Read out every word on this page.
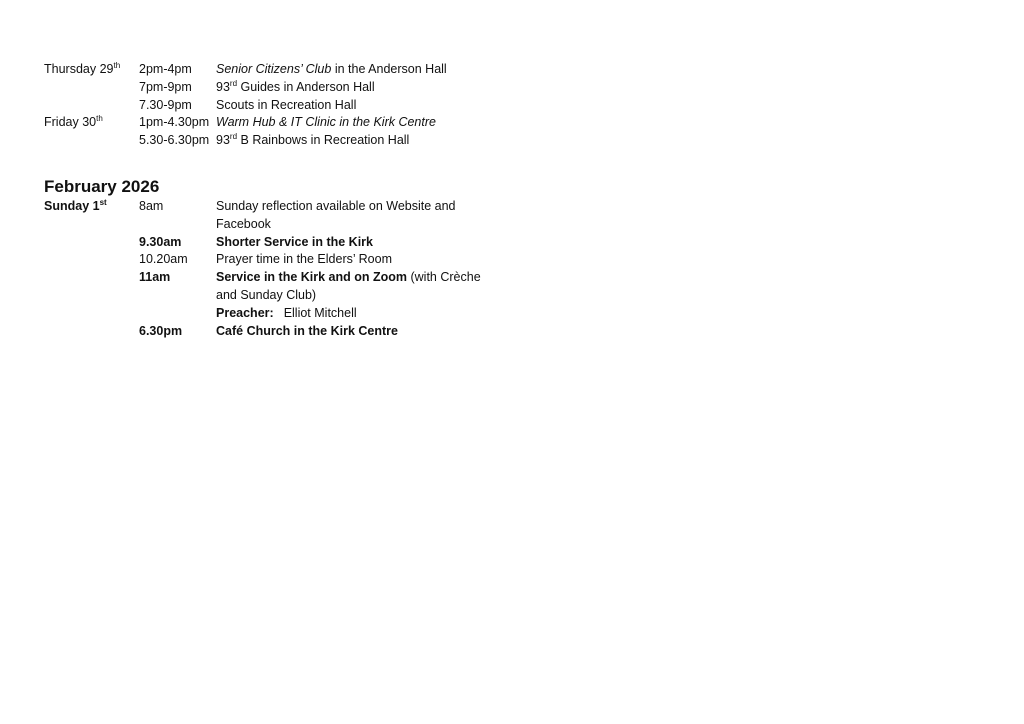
Thursday 29th	2pm-4pm	Senior Citizens’ Club in the Anderson Hall
7pm-9pm	93rd Guides in Anderson Hall
7.30-9pm	Scouts in Recreation Hall
Friday 30th	1pm-4.30pm Warm Hub & IT Clinic in the Kirk Centre
5.30-6.30pm 93rd B Rainbows in Recreation Hall
February 2026
Sunday 1st	8am	Sunday reflection available on Website and Facebook
9.30am	Shorter Service in the Kirk
10.20am	Prayer time in the Elders’ Room
11am	Service in the Kirk and on Zoom (with Crèche and Sunday Club)
Preacher: Elliot Mitchell
6.30pm	Café Church in the Kirk Centre
